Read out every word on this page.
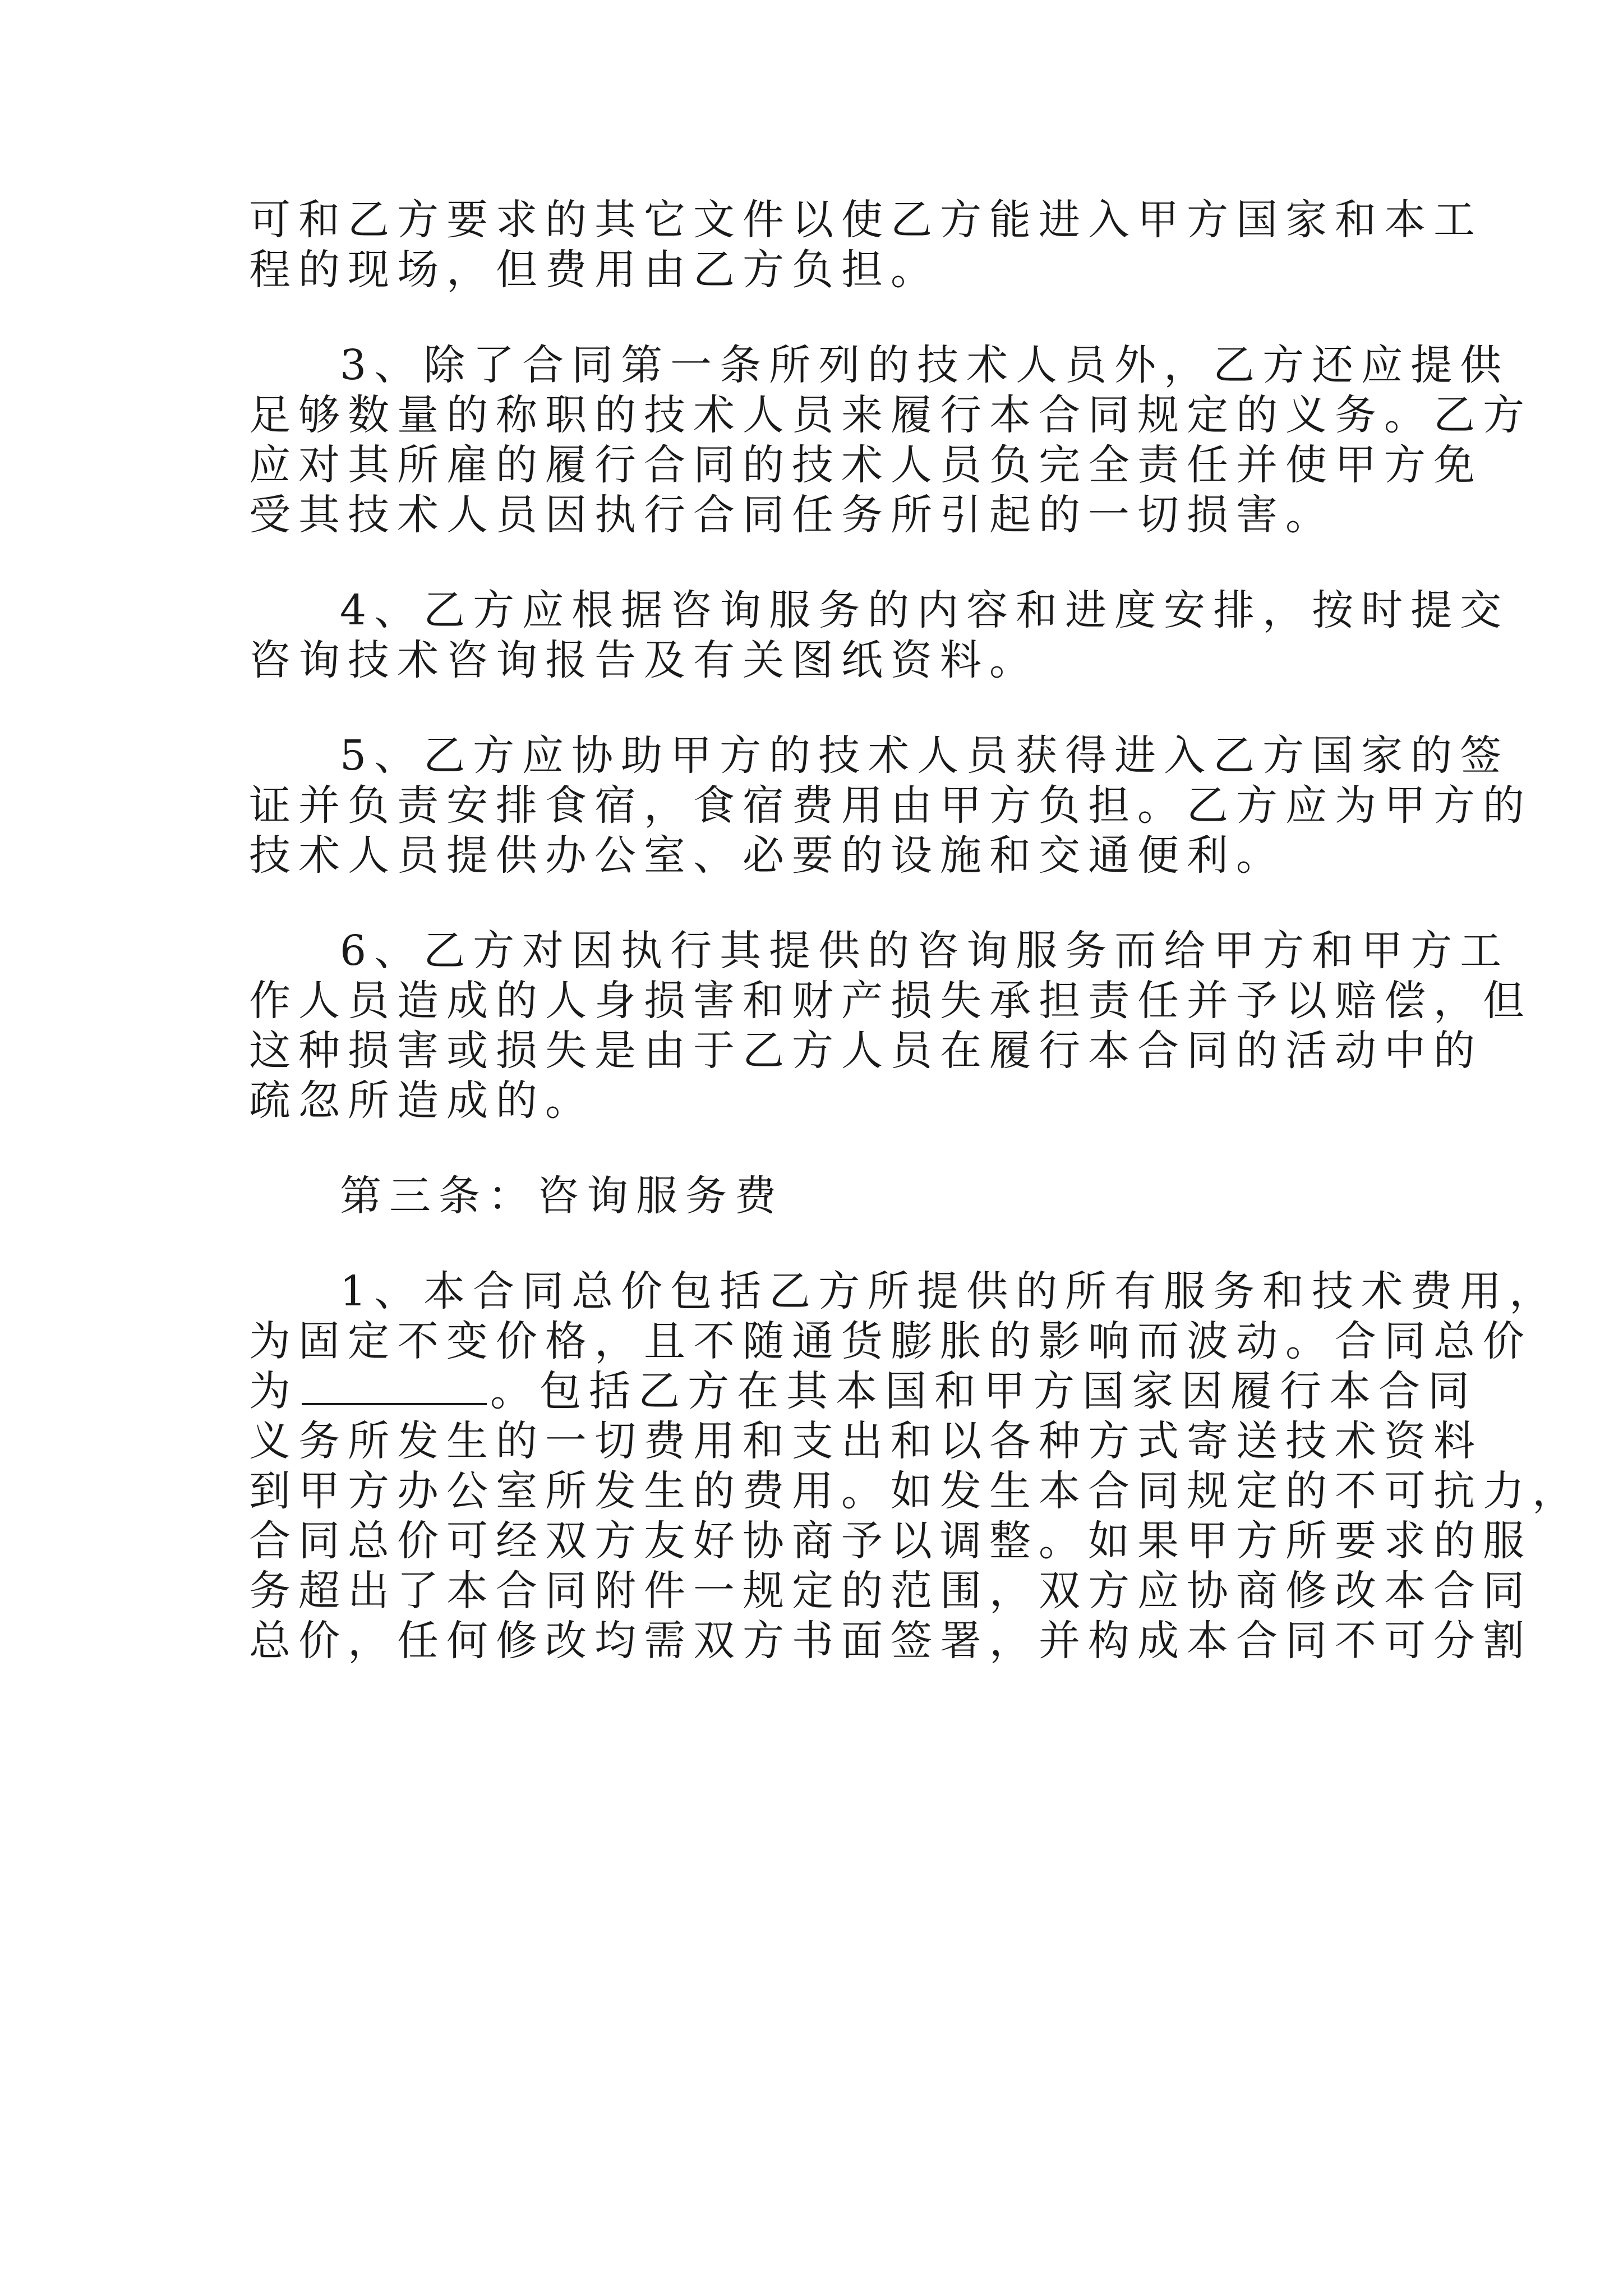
可和乙方要求的其它文件以使乙方能进入甲方国家和本工
程的现场，但费用由乙方负担。
3、除了合同第一条所列的技术人员外，乙方还应提供
足够数量的称职的技术人员来履行本合同规定的义务。乙方
应对其所雇的履行合同的技术人员负完全责任并使甲方免
受其技术人员因执行合同任务所引起的一切损害。
4、乙方应根据咨询服务的内容和进度安排，按时提交
咨询技术咨询报告及有关图纸资料。
5、乙方应协助甲方的技术人员获得进入乙方国家的签
证并负责安排食宿，食宿费用由甲方负担。乙方应为甲方的
技术人员提供办公室、必要的设施和交通便利。
6、乙方对因执行其提供的咨询服务而给甲方和甲方工
作人员造成的人身损害和财产损失承担责任并予以赔偿，但
这种损害或损失是由于乙方人员在履行本合同的活动中的
疏忽所造成的。
第三条：咨询服务费
1、本合同总价包括乙方所提供的所有服务和技术费用，
为固定不变价格，且不随通货膨胀的影响而波动。合同总价
为	。包括乙方在其本国和甲方国家因履行本合同
义务所发生的一切费用和支出和以各种方式寄送技术资料
到甲方办公室所发生的费用。如发生本合同规定的不可抗力，
合同总价可经双方友好协商予以调整。如果甲方所要求的服
务超出了本合同附件一规定的范围，双方应协商修改本合同
总价，任何修改均需双方书面签署，并构成本合同不可分割
